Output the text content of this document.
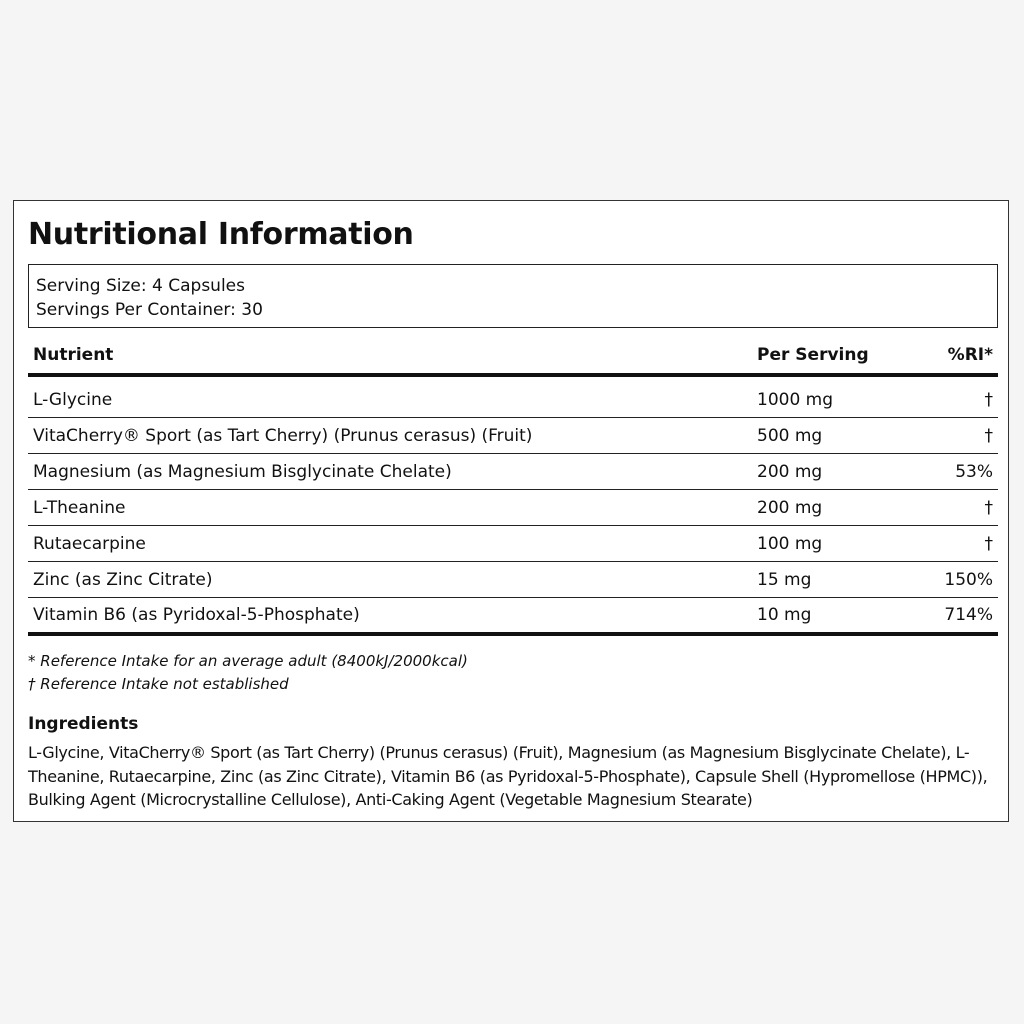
Nutritional Information
Serving Size: 4 Capsules
Servings Per Container: 30
Nutrient	Per Serving	%RI*
L-Glycine	1000 mg	†
VitaCherry® Sport (as Tart Cherry) (Prunus cerasus) (Fruit)	500 mg	†
Magnesium (as Magnesium Bisglycinate Chelate)	200 mg	53%
L-Theanine	200 mg	†
Rutaecarpine	100 mg	†
Zinc (as Zinc Citrate)	15 mg	150%
Vitamin B6 (as Pyridoxal-5-Phosphate)	10 mg	714%
* Reference Intake for an average adult (8400kJ/2000kcal)
† Reference Intake not established
Ingredients
L-Glycine, VitaCherry® Sport (as Tart Cherry) (Prunus cerasus) (Fruit), Magnesium (as Magnesium Bisglycinate Chelate), L-Theanine, Rutaecarpine, Zinc (as Zinc Citrate), Vitamin B6 (as Pyridoxal-5-Phosphate), Capsule Shell (Hypromellose (HPMC)), Bulking Agent (Microcrystalline Cellulose), Anti-Caking Agent (Vegetable Magnesium Stearate)
